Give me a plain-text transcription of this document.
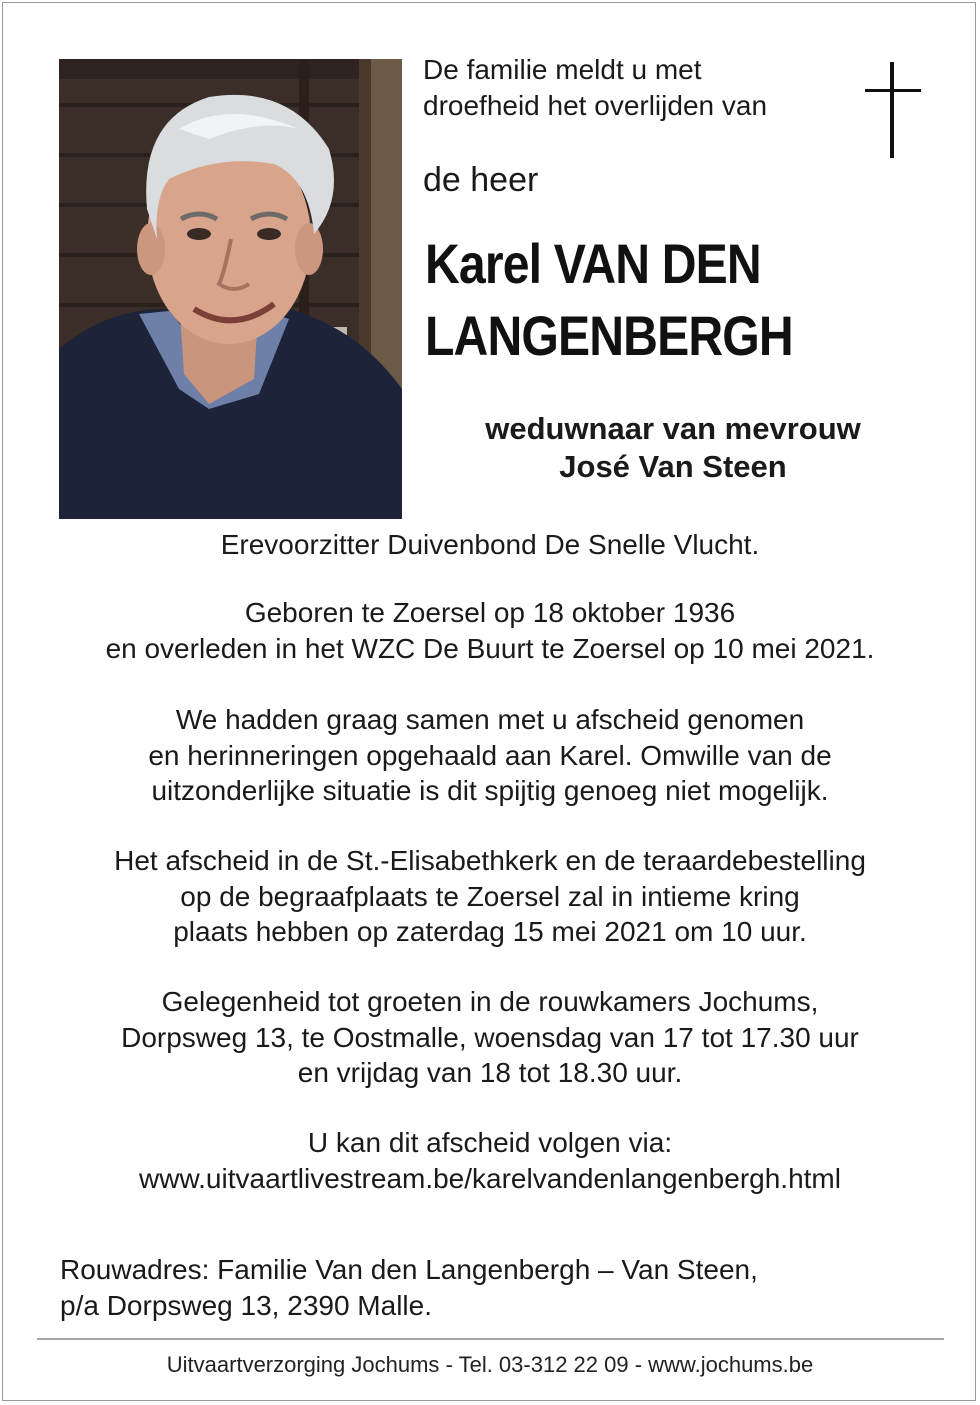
De familie meldt u met
droefheid het overlijden van

de heer

Karel VAN DEN
LANGENBERGH

weduwnaar van mevrouw
José Van Steen

Erevoorzitter Duivenbond De Snelle Vlucht.

Geboren te Zoersel op 18 oktober 1936
en overleden in het WZC De Buurt te Zoersel op 10 mei 2021.

We hadden graag samen met u afscheid genomen
en herinneringen opgehaald aan Karel. Omwille van de
uitzonderlijke situatie is dit spijtig genoeg niet mogelijk.

Het afscheid in de St.-Elisabethkerk en de teraardebestelling
op de begraafplaats te Zoersel zal in intieme kring
plaats hebben op zaterdag 15 mei 2021 om 10 uur.

Gelegenheid tot groeten in de rouwkamers Jochums,
Dorpsweg 13, te Oostmalle, woensdag van 17 tot 17.30 uur
en vrijdag van 18 tot 18.30 uur.

U kan dit afscheid volgen via:
www.uitvaartlivestream.be/karelvandenlangenbergh.html

Rouwadres: Familie Van den Langenbergh – Van Steen,
p/a Dorpsweg 13, 2390 Malle.

Uitvaartverzorging Jochums - Tel. 03-312 22 09 - www.jochums.be
